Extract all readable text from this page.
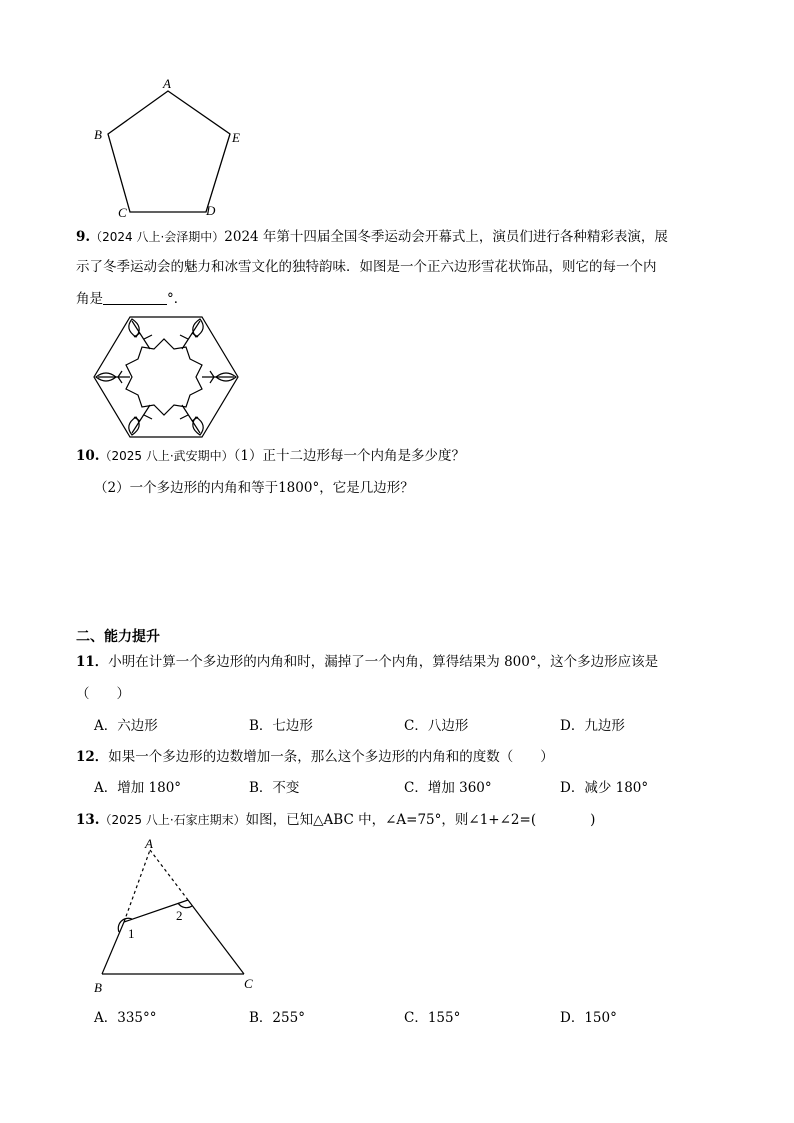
A
B	E
C	D
9.（2024 八上·会泽期中）2024 年第十四届全国冬季运动会开幕式上，演员们进行各种精彩表演，展
示了冬季运动会的魅力和冰雪文化的独特韵味．如图是一个正六边形雪花状饰品，则它的每一个内
角是	°．
10.（2025 八上·武安期中）（1）正十二边形每一个内角是多少度？
（2）一个多边形的内角和等于1800°，它是几边形？
二、能力提升
11．小明在计算一个多边形的内角和时，漏掉了一个内角，算得结果为 800°，这个多边形应该是
（　　）
A．六边形	B．七边形	C．八边形	D．九边形
12．如果一个多边形的边数增加一条，那么这个多边形的内角和的度数（　　）
A．增加 180°	B．不变	C．增加 360°	D．减少 180°
13.（2025 八上·石家庄期末）如图，已知△ABC 中，∠A=75°，则∠1+∠2=(　　　　)
A
B	C
1
2
A．335°°	B．255°	C．155°	D．150°
